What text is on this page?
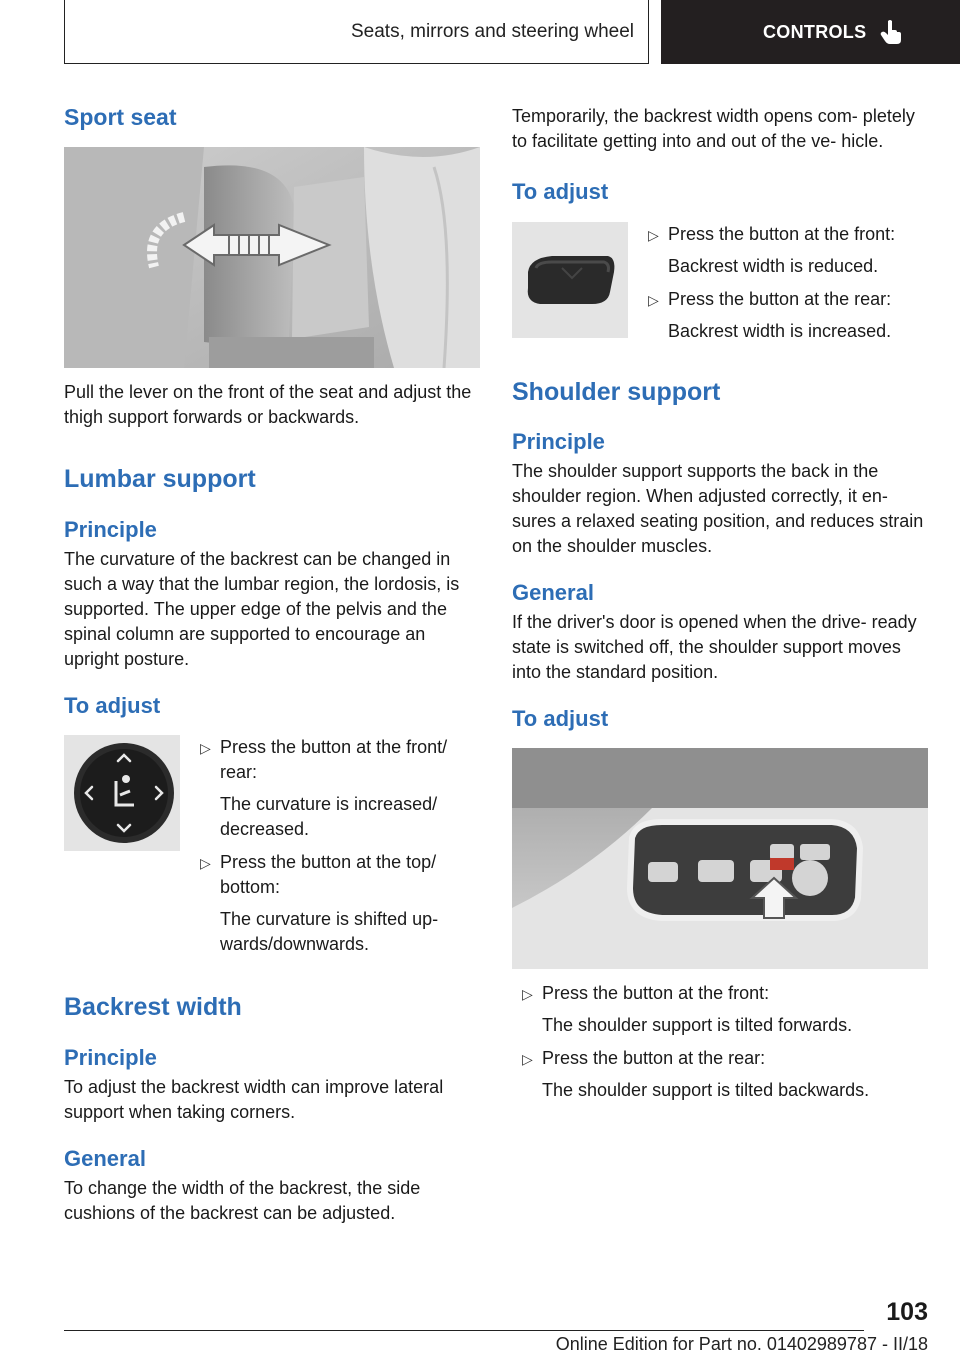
Seats, mirrors and steering wheel	CONTROLS
Sport seat

Pull the lever on the front of the seat and adjust the thigh support forwards or backwards.

Lumbar support
Principle

The curvature of the backrest can be changed in such a way that the lumbar region, the lordosis, is supported. The upper edge of the pelvis and the spinal column are supported to encourage an upright posture.

To adjust
▷ Press the button at the front/ rear:
The curvature is increased/ decreased.
▷ Press the button at the top/ bottom:
The curvature is shifted up- wards/downwards.
Backrest width
Principle

To adjust the backrest width can improve lateral support when taking corners.

General

To change the width of the backrest, the side cushions of the backrest can be adjusted.

Temporarily, the backrest width opens com- pletely to facilitate getting into and out of the ve- hicle.

To adjust
▷ Press the button at the front:
Backrest width is reduced.
▷ Press the button at the rear:
Backrest width is increased.
Shoulder support
Principle

The shoulder support supports the back in the shoulder region. When adjusted correctly, it en- sures a relaxed seating position, and reduces strain on the shoulder muscles.

General

If the driver's door is opened when the drive- ready state is switched off, the shoulder support moves into the standard position.

To adjust
▷ Press the button at the front:
The shoulder support is tilted forwards.
▷ Press the button at the rear:
The shoulder support is tilted backwards.
103
Online Edition for Part no. 01402989787 - II/18
